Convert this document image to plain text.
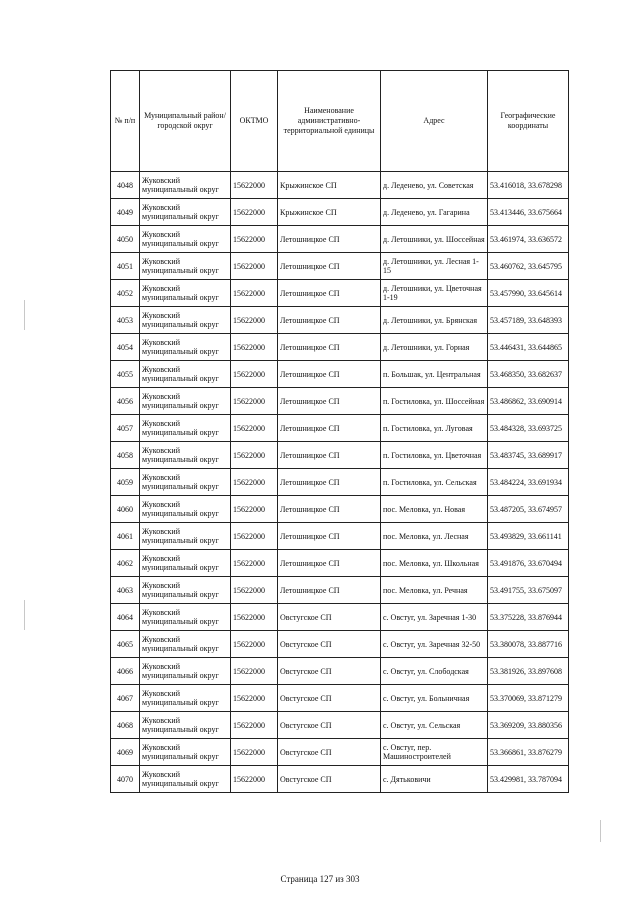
№ п/п	Муниципальный район/городской округ	ОКТМО	Наименование административно-территориальной единицы	Адрес	Географические координаты
4048	Жуковский муниципальный округ	15622000	Крыжинское СП	д. Леденево, ул. Советская	53.416018, 33.678298
4049	Жуковский муниципальный округ	15622000	Крыжинское СП	д. Леденево, ул. Гагарина	53.413446, 33.675664
4050	Жуковский муниципальный округ	15622000	Летошницкое СП	д. Летошники, ул. Шоссейная	53.461974, 33.636572
4051	Жуковский муниципальный округ	15622000	Летошницкое СП	д. Летошники, ул. Лесная 1-15	53.460762, 33.645795
4052	Жуковский муниципальный округ	15622000	Летошницкое СП	д. Летошники, ул. Цветочная 1-19	53.457990, 33.645614
4053	Жуковский муниципальный округ	15622000	Летошницкое СП	д. Летошники, ул. Брянская	53.457189, 33.648393
4054	Жуковский муниципальный округ	15622000	Летошницкое СП	д. Летошники, ул. Горная	53.446431, 33.644865
4055	Жуковский муниципальный округ	15622000	Летошницкое СП	п. Большак, ул. Центральная	53.468350, 33.682637
4056	Жуковский муниципальный округ	15622000	Летошницкое СП	п. Гостиловка, ул. Шоссейная	53.486862, 33.690914
4057	Жуковский муниципальный округ	15622000	Летошницкое СП	п. Гостиловка, ул. Луговая	53.484328, 33.693725
4058	Жуковский муниципальный округ	15622000	Летошницкое СП	п. Гостиловка, ул. Цветочная	53.483745, 33.689917
4059	Жуковский муниципальный округ	15622000	Летошницкое СП	п. Гостиловка, ул. Сельская	53.484224, 33.691934
4060	Жуковский муниципальный округ	15622000	Летошницкое СП	пос. Меловка, ул. Новая	53.487205, 33.674957
4061	Жуковский муниципальный округ	15622000	Летошницкое СП	пос. Меловка, ул. Лесная	53.493829, 33.661141
4062	Жуковский муниципальный округ	15622000	Летошницкое СП	пос. Меловка, ул. Школьная	53.491876, 33.670494
4063	Жуковский муниципальный округ	15622000	Летошницкое СП	пос. Меловка, ул. Речная	53.491755, 33.675097
4064	Жуковский муниципальный округ	15622000	Овстугское СП	с. Овстуг, ул. Заречная 1-30	53.375228, 33.876944
4065	Жуковский муниципальный округ	15622000	Овстугское СП	с. Овстуг, ул. Заречная 32-50	53.380078, 33.887716
4066	Жуковский муниципальный округ	15622000	Овстугское СП	с. Овстуг, ул. Слободская	53.381926, 33.897608
4067	Жуковский муниципальный округ	15622000	Овстугское СП	с. Овстуг, ул. Больничная	53.370069, 33.871279
4068	Жуковский муниципальный округ	15622000	Овстугское СП	с. Овстуг, ул. Сельская	53.369209, 33.880356
4069	Жуковский муниципальный округ	15622000	Овстугское СП	с. Овстуг, пер. Машиностроителей	53.366861, 33.876279
4070	Жуковский муниципальный округ	15622000	Овстугское СП	с. Дятьковичи	53.429981, 33.787094
Страница 127 из 303
